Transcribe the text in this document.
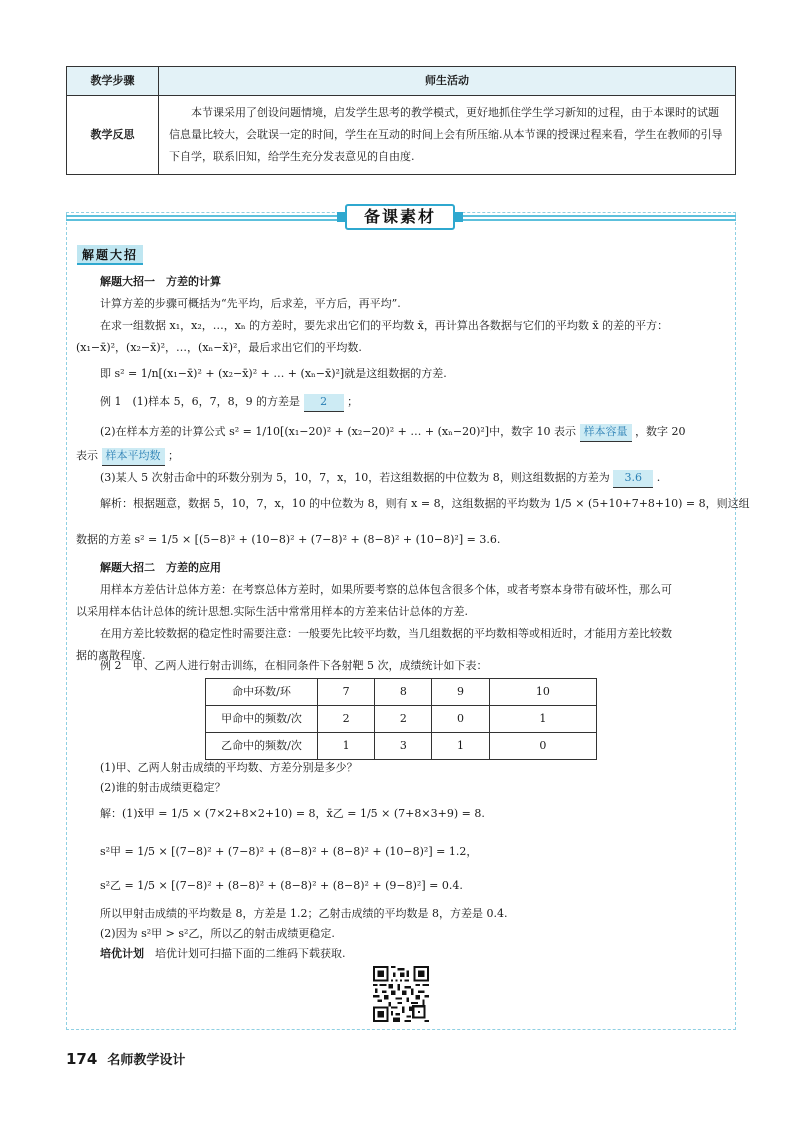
教学步骤	师生活动
教学反思	本节课采用了创设问题情境，启发学生思考的教学模式，更好地抓住学生学习新知的过程，由于本课时的试题信息量比较大，会耽误一定的时间，学生在互动的时间上会有所压缩.从本节课的授课过程来看，学生在教师的引导下自学，联系旧知，给学生充分发表意见的自由度.
备课素材
解题大招
解题大招一　方差的计算
计算方差的步骤可概括为“先平均，后求差，平方后，再平均”.
在求一组数据 x₁，x₂，…，xₙ 的方差时，要先求出它们的平均数 x̄，再计算出各数据与它们的平均数 x̄ 的差的平方：
(x₁−x̄)²，(x₂−x̄)²，…，(xₙ−x̄)²，最后求出它们的平均数.
即 s² = 1/n[(x₁−x̄)² + (x₂−x̄)² + … + (xₙ−x̄)²]就是这组数据的方差.
例 1　(1)样本 5，6，7，8，9 的方差是 2 ；
(2)在样本方差的计算公式 s² = 1/10[(x₁−20)² + (x₂−20)² + … + (xₙ−20)²]中，数字 10 表示 样本容量 ，数字 20
表示 样本平均数 ；
(3)某人 5 次射击命中的环数分别为 5，10，7，x，10，若这组数据的中位数为 8，则这组数据的方差为 3.6 .
解析：根据题意，数据 5，10，7，x，10 的中位数为 8，则有 x = 8，这组数据的平均数为 1/5 × (5+10+7+8+10) = 8，则这组
数据的方差 s² = 1/5 × [(5−8)² + (10−8)² + (7−8)² + (8−8)² + (10−8)²] = 3.6.
解题大招二　方差的应用
用样本方差估计总体方差：在考察总体方差时，如果所要考察的总体包含很多个体，或者考察本身带有破坏性，那么可
以采用样本估计总体的统计思想.实际生活中常常用样本的方差来估计总体的方差.
在用方差比较数据的稳定性时需要注意：一般要先比较平均数，当几组数据的平均数相等或相近时，才能用方差比较数
据的离散程度.
例 2　甲、乙两人进行射击训练，在相同条件下各射靶 5 次，成绩统计如下表：
命中环数/环	7	8	9	10
甲命中的频数/次	2	2	0	1
乙命中的频数/次	1	3	1	0
(1)甲、乙两人射击成绩的平均数、方差分别是多少？
(2)谁的射击成绩更稳定？
解：(1)x̄甲 = 1/5 × (7×2+8×2+10) = 8，x̄乙 = 1/5 × (7+8×3+9) = 8.
s²甲 = 1/5 × [(7−8)² + (7−8)² + (8−8)² + (8−8)² + (10−8)²] = 1.2，
s²乙 = 1/5 × [(7−8)² + (8−8)² + (8−8)² + (8−8)² + (9−8)²] = 0.4.
所以甲射击成绩的平均数是 8，方差是 1.2；乙射击成绩的平均数是 8，方差是 0.4.
(2)因为 s²甲 > s²乙，所以乙的射击成绩更稳定.
培优计划　 培优计划可扫描下面的二维码下载获取.
174 名师教学设计
